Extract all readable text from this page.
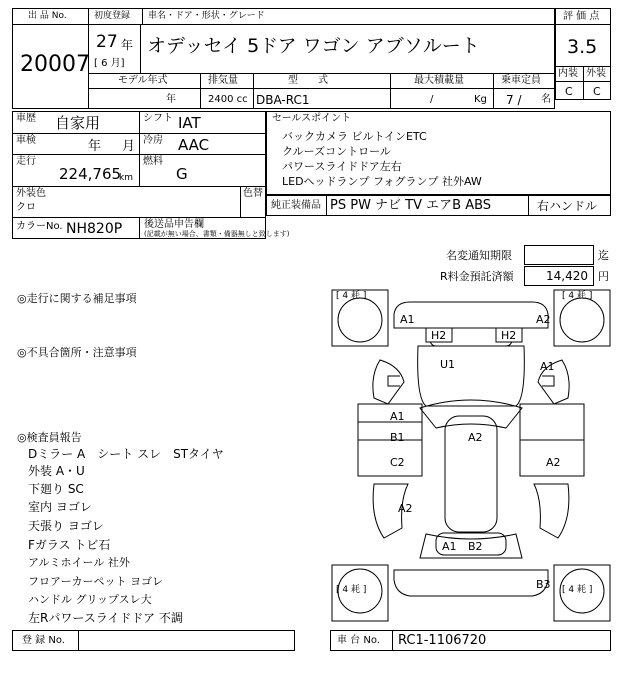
出 品 No.
20007
初度登録 車名・ドア・形状・グレード
27 年
[ 6 月]
オデッセイ 5ドア ワゴン アブソルート
モデル年式	排気量	型　　式	最大積載量	乗車定員
年	2400 cc DBA-RC1	/	Kg 7 / 名
評 価 点
3.5
内装 外装
C C
車歴 自家用
車検	年 月
走行
224,765
km
シフト IAT
冷房 AAC
燃料
G
外装色
クロ
色替
カラーNo. NH820P 後送品申告欄
(記載が無い場合、書類・備器無しと致します)
セールスポイント
バックカメラ ビルトインETC
クルーズコントロール
パワースライドドア左右
LEDヘッドランプ フォグランプ 社外AW
純正装備品 PS PW ナビ TV エアB ABS	右ハンドル
名変通知期限	迄
R料金預託済額	14,420 円
◎走行に関する補足事項
◎不具合箇所・注意事項
◎検査員報告
Dミラー A　シート スレ　STタイヤ
外装 A・U
下廻り SC
室内 ヨゴレ
天張り ヨゴレ
Fガラス トビ石
アルミホイール 社外
フロアーカーペット ヨゴレ
ハンドル グリップスレ大
左Rパワースライドドア 不調
[ 4 耗 ]	[ 4 耗 ]
[ 4 耗 ]	[ 4 耗 ]
A1	A2
H2	H2
U1	A1
A1
B1	A2
C2	A2
A2
A1 B2
B3
登 録 No.	車 台 No. RC1-1106720
